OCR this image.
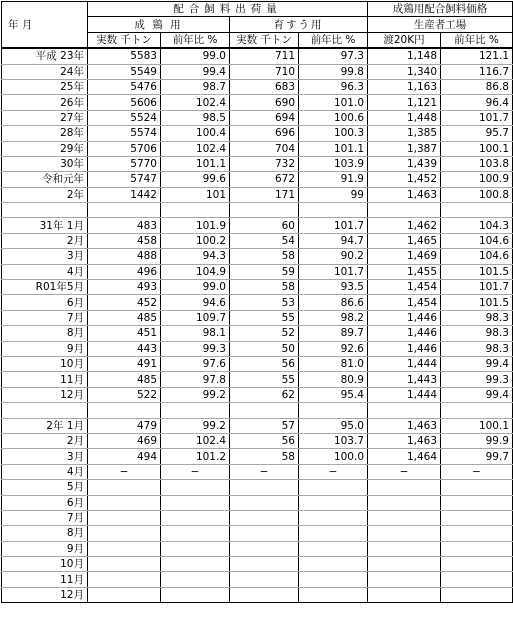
年 月	配合飼料出荷量				成鶏用配合飼料価格	
	成 鶏 用		育すう用		生産者工場	
	実数 千トン	前年比 %	実数 千トン	前年比 %	渡20K円	前年比 %
平成 23年	5583	99.0	711	97.3	1,148	121.1
24年	5549	99.4	710	99.8	1,340	116.7
25年	5476	98.7	683	96.3	1,163	86.8
26年	5606	102.4	690	101.0	1,121	96.4
27年	5524	98.5	694	100.6	1,448	101.7
28年	5574	100.4	696	100.3	1,385	95.7
29年	5706	102.4	704	101.1	1,387	100.1
30年	5770	101.1	732	103.9	1,439	103.8
令和元年	5747	99.6	672	91.9	1,452	100.9
2年	1442	101	171	99	1,463	100.8

31年 1月	483	101.9	60	101.7	1,462	104.3
2月	458	100.2	54	94.7	1,465	104.6
3月	488	94.3	58	90.2	1,469	104.6
4月	496	104.9	59	101.7	1,455	101.5
R01年5月	493	99.0	58	93.5	1,454	101.7
6月	452	94.6	53	86.6	1,454	101.5
7月	485	109.7	55	98.2	1,446	98.3
8月	451	98.1	52	89.7	1,446	98.3
9月	443	99.3	50	92.6	1,446	98.3
10月	491	97.6	56	81.0	1,444	99.4
11月	485	97.8	55	80.9	1,443	99.3
12月	522	99.2	62	95.4	1,444	99.4

2年 1月	479	99.2	57	95.0	1,463	100.1
2月	469	102.4	56	103.7	1,463	99.9
3月	494	101.2	58	100.0	1,464	99.7
4月	−	−	−	−	−	−
5月						
6月						
7月						
8月						
9月						
10月						
11月						
12月						
